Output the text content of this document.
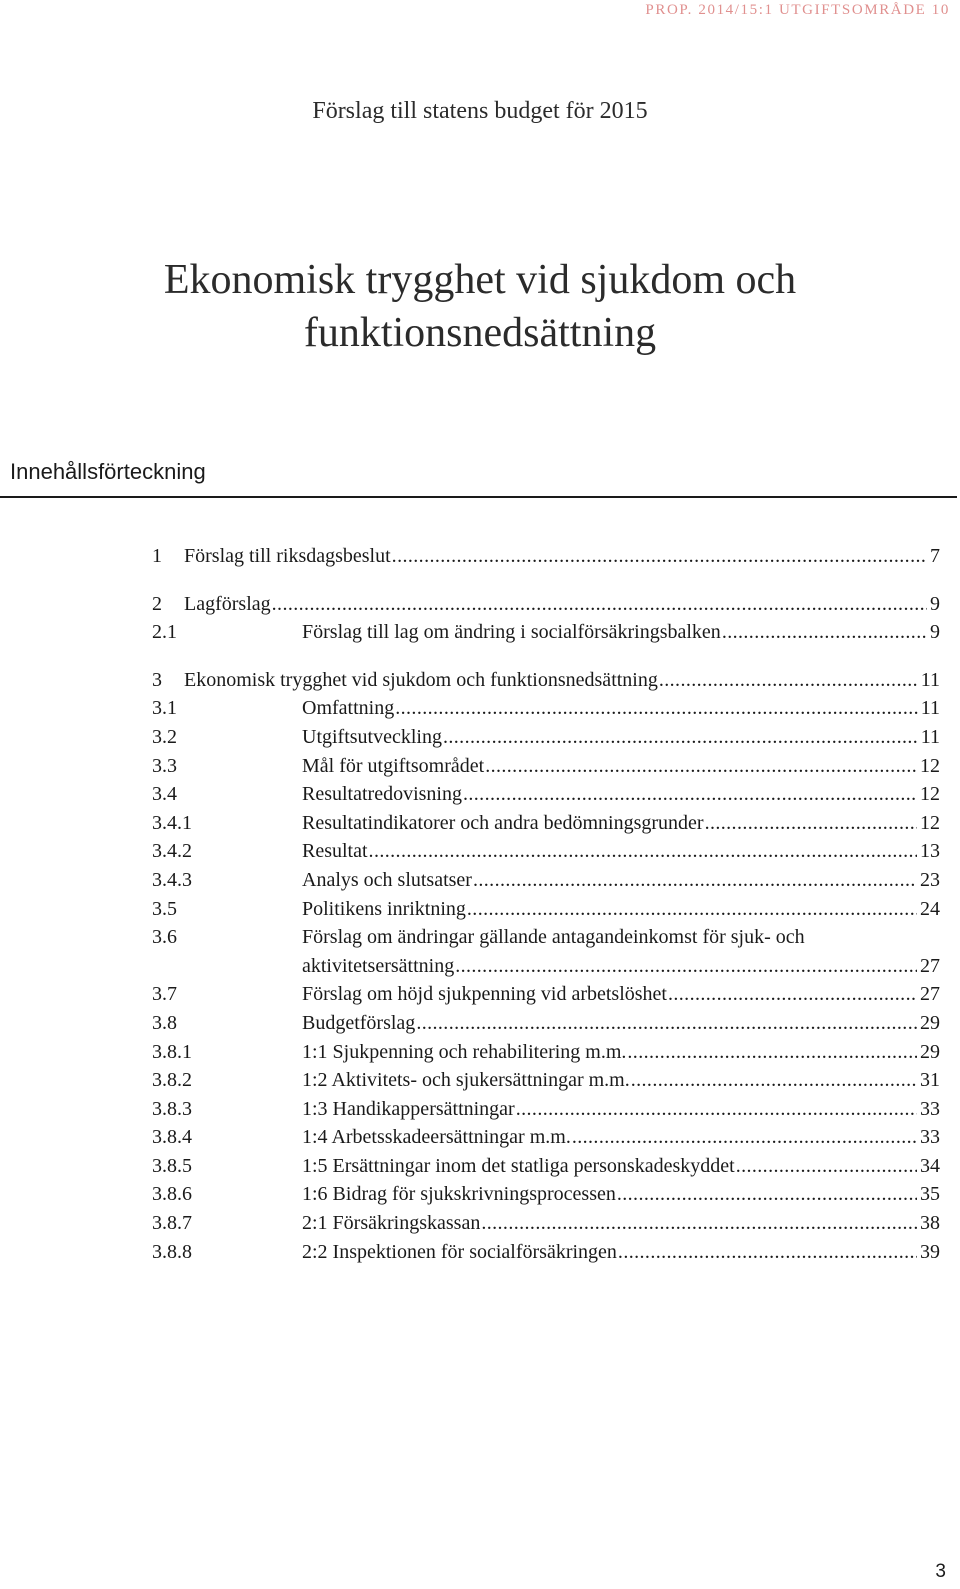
PROP. 2014/15:1 UTGIFTSOMRÅDE 10
Förslag till statens budget för 2015
Ekonomisk trygghet vid sjukdom och
funktionsnedsättning
Innehållsförteckning
1 Förslag till riksdagsbeslut .....	7
2 Lagförslag .....	9
2.1	Förslag till lag om ändring i socialförsäkringsbalken .....	9
3 Ekonomisk trygghet vid sjukdom och funktionsnedsättning .....	11
3.1	Omfattning .....	11
3.2	Utgiftsutveckling .....	11
3.3	Mål för utgiftsområdet .....	12
3.4	Resultatredovisning .....	12
3.4.1	Resultatindikatorer och andra bedömningsgrunder .....	12
3.4.2	Resultat .....	13
3.4.3	Analys och slutsatser .....	23
3.5	Politikens inriktning .....	24
3.6	Förslag om ändringar gällande antagandeinkomst för sjuk- och
aktivitetsersättning .....	27
3.7	Förslag om höjd sjukpenning vid arbetslöshet .....	27
3.8	Budgetförslag .....	29
3.8.1	1:1 Sjukpenning och rehabilitering m.m. .....	29
3.8.2	1:2 Aktivitets- och sjukersättningar m.m. .....	31
3.8.3	1:3 Handikappersättningar .....	33
3.8.4	1:4 Arbetsskadeersättningar m.m. .....	33
3.8.5	1:5 Ersättningar inom det statliga personskadeskyddet .....	34
3.8.6	1:6 Bidrag för sjukskrivningsprocessen .....	35
3.8.7	2:1 Försäkringskassan .....	38
3.8.8	2:2 Inspektionen för socialförsäkringen .....	39
3
